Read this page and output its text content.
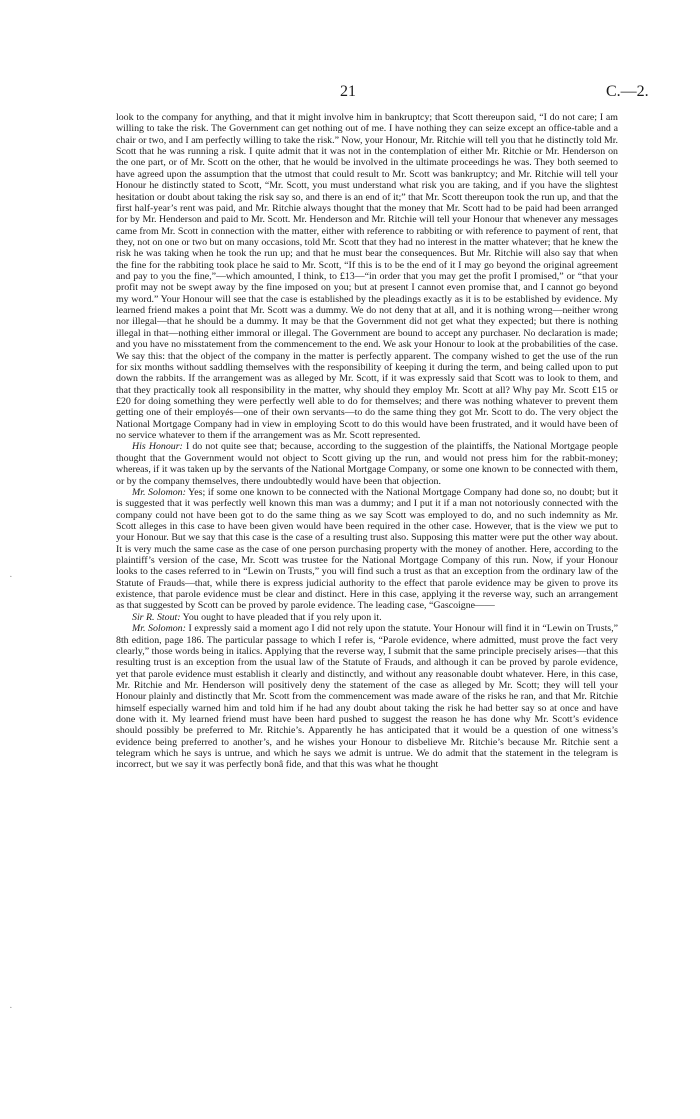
21	C.—2.
·
·

look to the company for anything, and that it might involve him in bankruptcy; that Scott thereupon said, “I do not care; I am willing to take the risk. The Government can get nothing out of me. I have nothing they can seize except an office-table and a chair or two, and I am perfectly willing to take the risk.” Now, your Honour, Mr. Ritchie will tell you that he distinctly told Mr. Scott that he was running a risk. I quite admit that it was not in the contemplation of either Mr. Ritchie or Mr. Henderson on the one part, or of Mr. Scott on the other, that he would be involved in the ultimate proceedings he was. They both seemed to have agreed upon the assumption that the utmost that could result to Mr. Scott was bankruptcy; and Mr. Ritchie will tell your Honour he distinctly stated to Scott, “Mr. Scott, you must understand what risk you are taking, and if you have the slightest hesitation or doubt about taking the risk say so, and there is an end of it;” that Mr. Scott thereupon took the run up, and that the first half-year’s rent was paid, and Mr. Ritchie always thought that the money that Mr. Scott had to be paid had been arranged for by Mr. Henderson and paid to Mr. Scott. Mr. Henderson and Mr. Ritchie will tell your Honour that whenever any messages came from Mr. Scott in connection with the matter, either with reference to rabbiting or with reference to payment of rent, that they, not on one or two but on many occasions, told Mr. Scott that they had no interest in the matter whatever; that he knew the risk he was taking when he took the run up; and that he must bear the consequences. But Mr. Ritchie will also say that when the fine for the rabbiting took place he said to Mr. Scott, “If this is to be the end of it I may go beyond the original agreement and pay to you the fine,”—which amounted, I think, to £13—“in order that you may get the profit I promised,” or “that your profit may not be swept away by the fine imposed on you; but at present I cannot even promise that, and I cannot go beyond my word.” Your Honour will see that the case is established by the pleadings exactly as it is to be established by evidence. My learned friend makes a point that Mr. Scott was a dummy. We do not deny that at all, and it is nothing wrong—neither wrong nor illegal—that he should be a dummy. It may be that the Government did not get what they expected; but there is nothing illegal in that—nothing either immoral or illegal. The Government are bound to accept any purchaser. No declaration is made; and you have no misstatement from the commencement to the end. We ask your Honour to look at the probabilities of the case. We say this: that the object of the company in the matter is perfectly apparent. The company wished to get the use of the run for six months without saddling themselves with the responsibility of keeping it during the term, and being called upon to put down the rabbits. If the arrangement was as alleged by Mr. Scott, if it was expressly said that Scott was to look to them, and that they practically took all responsibility in the matter, why should they employ Mr. Scott at all? Why pay Mr. Scott £15 or £20 for doing something they were perfectly well able to do for themselves; and there was nothing whatever to prevent them getting one of their employés—one of their own servants—to do the same thing they got Mr. Scott to do. The very object the National Mortgage Company had in view in employing Scott to do this would have been frustrated, and it would have been of no service whatever to them if the arrangement was as Mr. Scott represented.

His Honour: I do not quite see that; because, according to the suggestion of the plaintiffs, the National Mortgage people thought that the Government would not object to Scott giving up the run, and would not press him for the rabbit-money; whereas, if it was taken up by the servants of the National Mortgage Company, or some one known to be connected with them, or by the company themselves, there undoubtedly would have been that objection.

Mr. Solomon: Yes; if some one known to be connected with the National Mortgage Company had done so, no doubt; but it is suggested that it was perfectly well known this man was a dummy; and I put it if a man not notoriously connected with the company could not have been got to do the same thing as we say Scott was employed to do, and no such indemnity as Mr. Scott alleges in this case to have been given would have been required in the other case. However, that is the view we put to your Honour. But we say that this case is the case of a resulting trust also. Supposing this matter were put the other way about. It is very much the same case as the case of one person purchasing property with the money of another. Here, according to the plaintiff’s version of the case, Mr. Scott was trustee for the National Mortgage Company of this run. Now, if your Honour looks to the cases referred to in “Lewin on Trusts,” you will find such a trust as that an exception from the ordinary law of the Statute of Frauds—that, while there is express judicial authority to the effect that parole evidence may be given to prove its existence, that parole evidence must be clear and distinct. Here in this case, applying it the reverse way, such an arrangement as that suggested by Scott can be proved by parole evidence. The leading case, “Gascoigne——

Sir R. Stout: You ought to have pleaded that if you rely upon it.

Mr. Solomon: I expressly said a moment ago I did not rely upon the statute. Your Honour will find it in “Lewin on Trusts,” 8th edition, page 186. The particular passage to which I refer is, “Parole evidence, where admitted, must prove the fact very clearly,” those words being in italics. Applying that the reverse way, I submit that the same principle precisely arises—that this resulting trust is an exception from the usual law of the Statute of Frauds, and although it can be proved by parole evidence, yet that parole evidence must establish it clearly and distinctly, and without any reasonable doubt whatever. Here, in this case, Mr. Ritchie and Mr. Henderson will positively deny the statement of the case as alleged by Mr. Scott; they will tell your Honour plainly and distinctly that Mr. Scott from the commencement was made aware of the risks he ran, and that Mr. Ritchie himself especially warned him and told him if he had any doubt about taking the risk he had better say so at once and have done with it. My learned friend must have been hard pushed to suggest the reason he has done why Mr. Scott’s evidence should possibly be preferred to Mr. Ritchie’s. Apparently he has anticipated that it would be a question of one witness’s evidence being preferred to another’s, and he wishes your Honour to disbelieve Mr. Ritchie’s because Mr. Ritchie sent a telegram which he says is untrue, and which he says we admit is untrue. We do admit that the statement in the telegram is incorrect, but we say it was perfectly bonâ fide, and that this was what he thought
